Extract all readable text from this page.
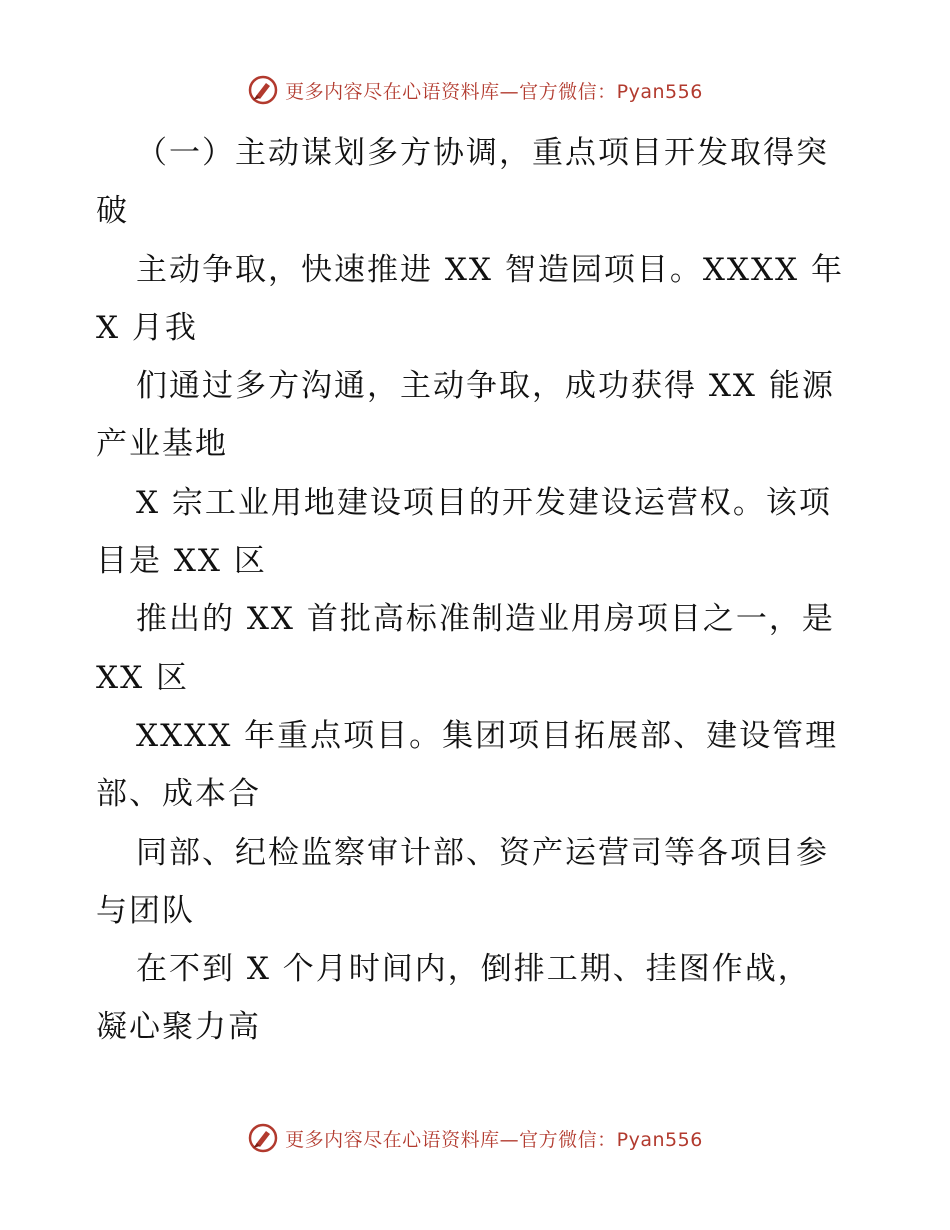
更多内容尽在心语资料库—官方微信：Pyan556
（一）主动谋划多方协调，重点项目开发取得突
破
主动争取，快速推进 XX 智造园项目。XXXX 年
X 月我
们通过多方沟通，主动争取，成功获得 XX 能源
产业基地
X 宗工业用地建设项目的开发建设运营权。该项
目是 XX 区
推出的 XX 首批高标准制造业用房项目之一，是
XX 区
XXXX 年重点项目。集团项目拓展部、建设管理
部、成本合
同部、纪检监察审计部、资产运营司等各项目参
与团队
在不到 X 个月时间内，倒排工期、挂图作战，
凝心聚力高
更多内容尽在心语资料库—官方微信：Pyan556
